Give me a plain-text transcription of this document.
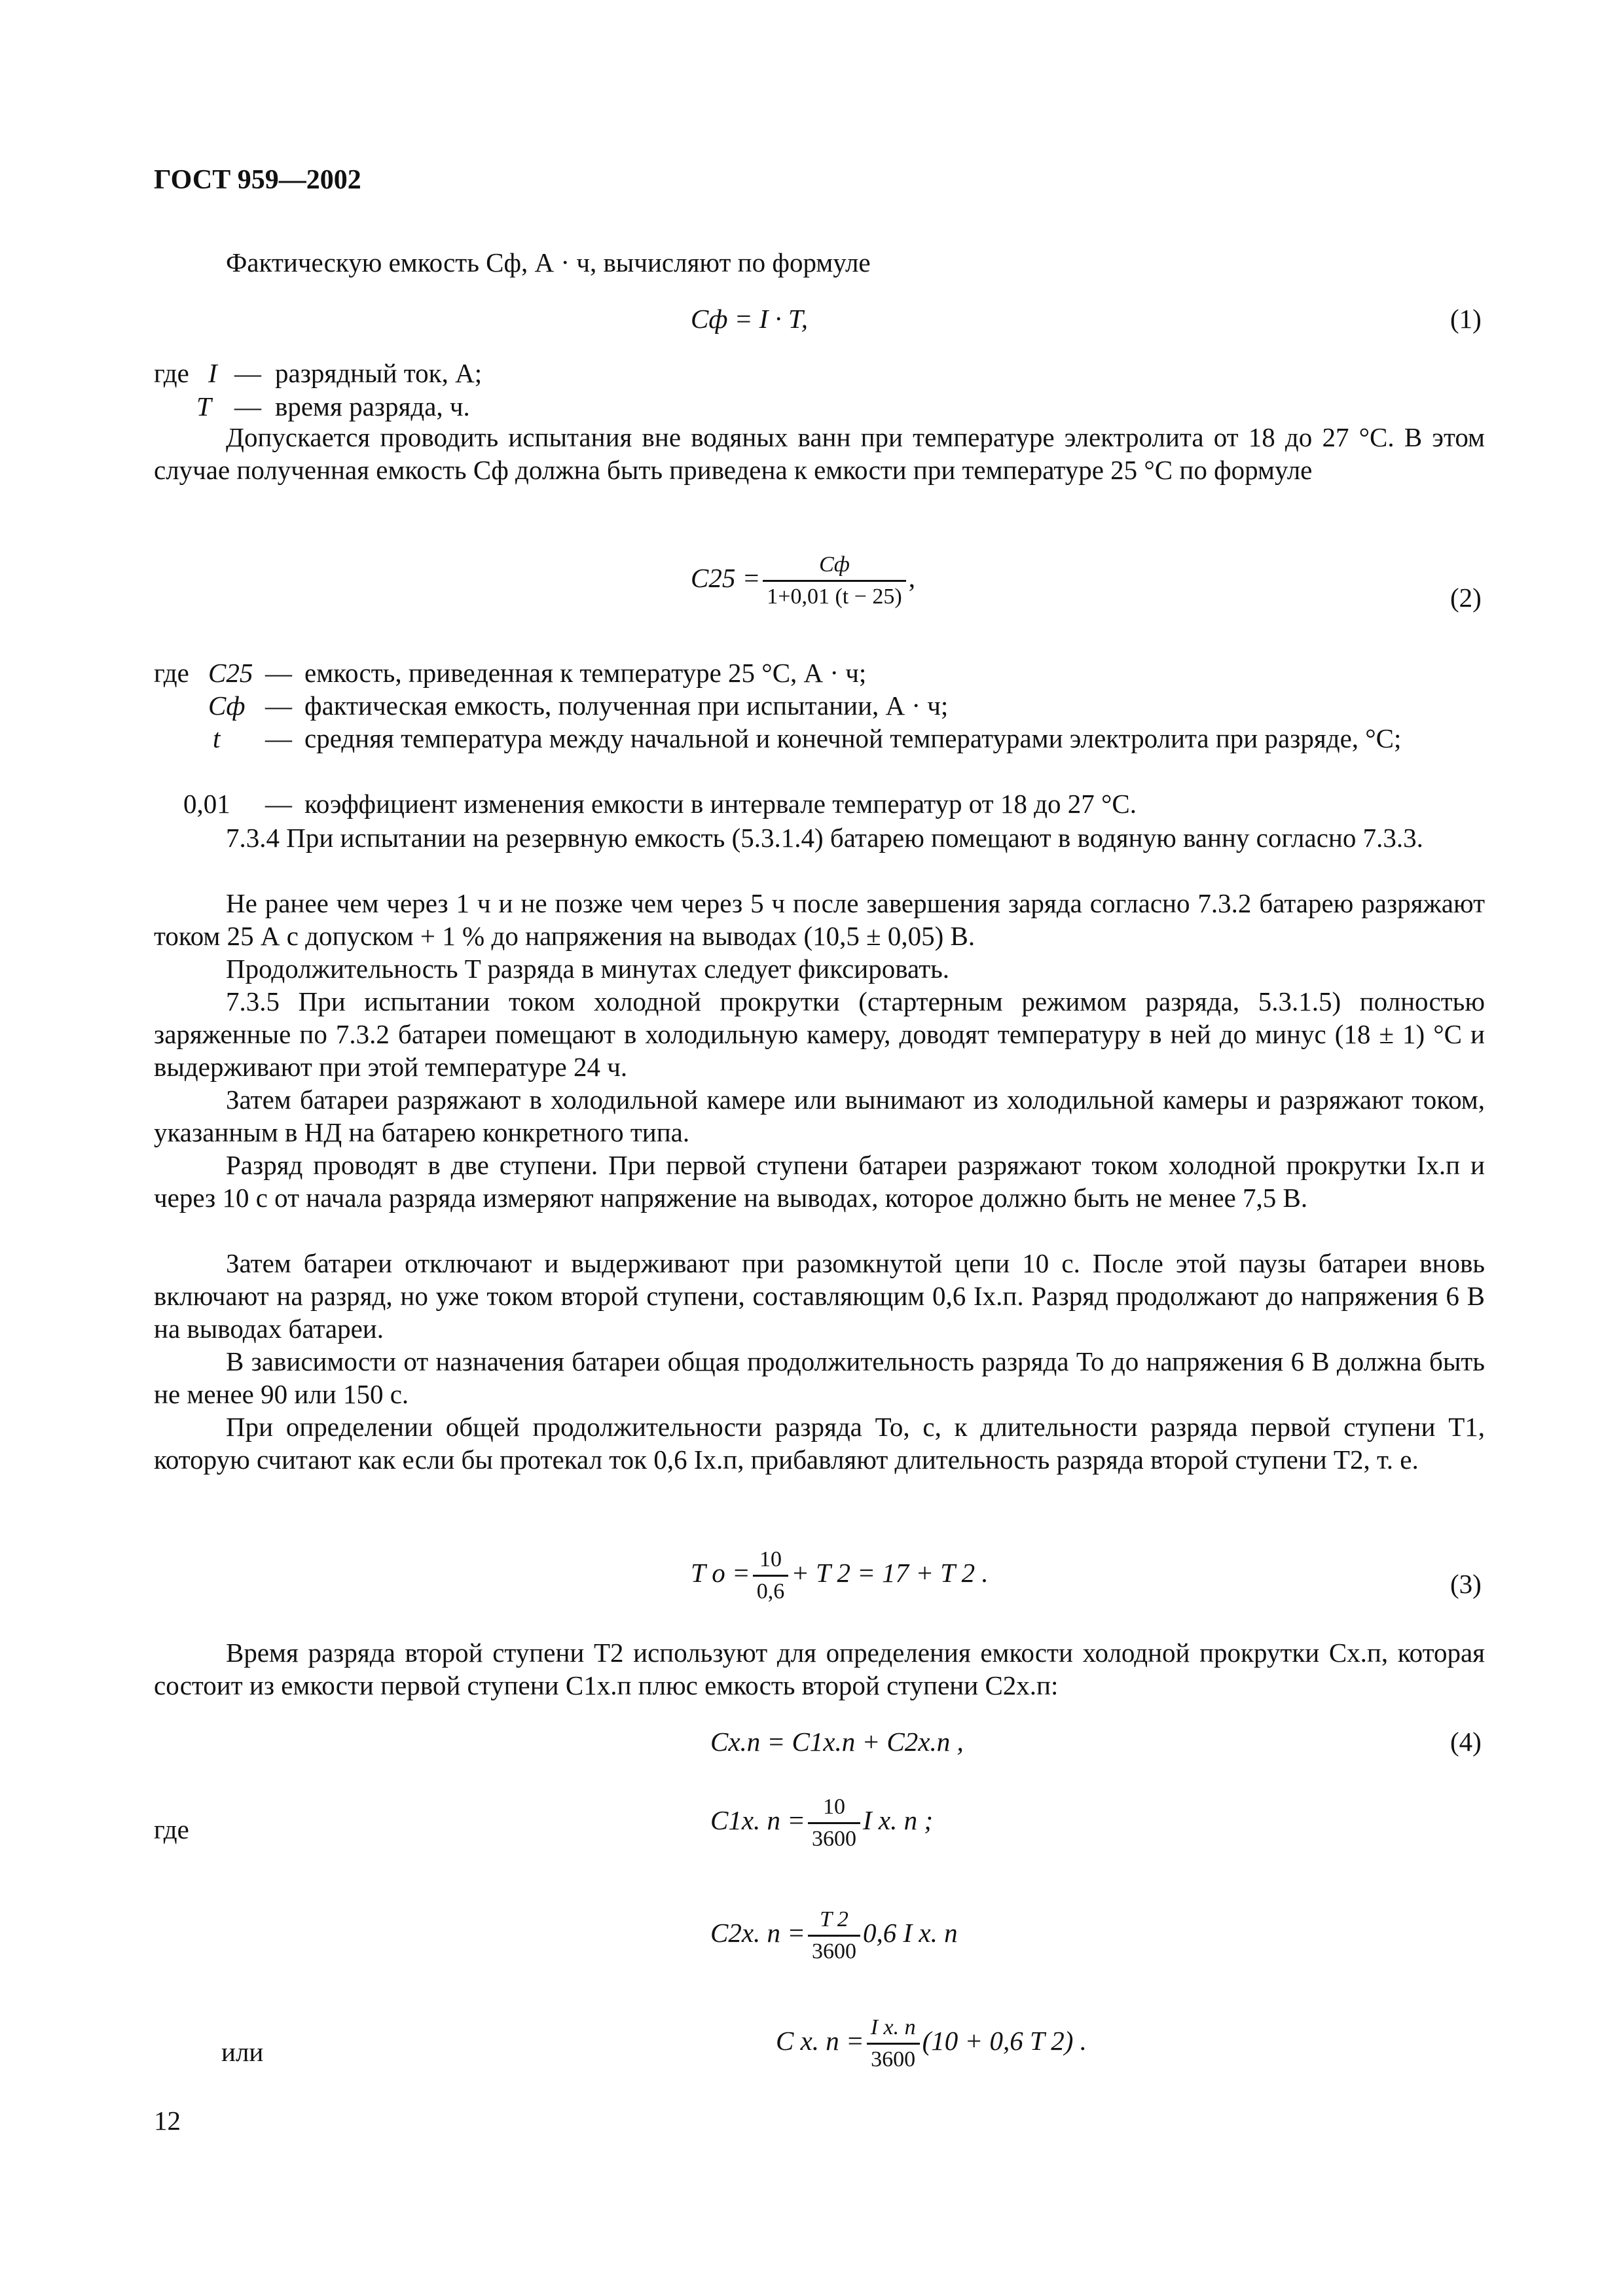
ГОСТ 959—2002
Фактическую емкость Cф, А · ч, вычисляют по формуле
Cф = I · T,	(1)
где I — разрядный ток, А;
T — время разряда, ч.
Допускается проводить испытания вне водяных ванн при температуре электролита от 18 до 27 °С. В этом случае полученная емкость Cф должна быть приведена к емкости при температуре 25 °С по формуле
$C25 = \frac{Cф}{1+0,01 (t - 25)}$ ,
(2)
где C25 — емкость, приведенная к температуре 25 °С, А · ч;
Cф — фактическая емкость, полученная при испытании, А · ч;
t — средняя температура между начальной и конечной температурами электролита при разряде, °С;
0,01 — коэффициент изменения емкости в интервале температур от 18 до 27 °С.
7.3.4 При испытании на резервную емкость (5.3.1.4) батарею помещают в водяную ванну согласно 7.3.3.
Не ранее чем через 1 ч и не позже чем через 5 ч после завершения заряда согласно 7.3.2 батарею разряжают током 25 А с допуском + 1 % до напряжения на выводах (10,5 ± 0,05) В.
Продолжительность T разряда в минутах следует фиксировать.
7.3.5 При испытании током холодной прокрутки (стартерным режимом разряда, 5.3.1.5) полностью заряженные по 7.3.2 батареи помещают в холодильную камеру, доводят температуру в ней до минус (18 ± 1) °С и выдерживают при этой температуре 24 ч.
Затем батареи разряжают в холодильной камере или вынимают из холодильной камеры и разряжают током, указанным в НД на батарею конкретного типа.
Разряд проводят в две ступени. При первой ступени батареи разряжают током холодной прокрутки Iх.п и через 10 с от начала разряда измеряют напряжение на выводах, которое должно быть не менее 7,5 В.
Затем батареи отключают и выдерживают при разомкнутой цепи 10 с. После этой паузы батареи вновь включают на разряд, но уже током второй ступени, составляющим 0,6 Iх.п. Разряд продолжают до напряжения 6 В на выводах батареи.
В зависимости от назначения батареи общая продолжительность разряда To до напряжения 6 В должна быть не менее 90 или 150 с.
При определении общей продолжительности разряда To, с, к длительности разряда первой ступени T1, которую считают как если бы протекал ток 0,6 Iх.п, прибавляют длительность разряда второй ступени T2, т. е.
T $o = \frac{10}{0,6} + T$ 2 = 17 + T 2 .	(3)
Время разряда второй ступени T2 используют для определения емкости холодной прокрутки Cх.п, которая состоит из емкости первой ступени C1х.п плюс емкость второй ступени C2х.п:
Cх.п = C1х.п + C2х.п ,	(4)
где	C1х. $п = \frac{10}{3600}$ I х. п ;
C2х. $п = \frac{T 2}{3600} 0,6$ I х. п
или	C х. $п = \frac{\text{I х. п}}{3600} (10 + 0,6$ T 2) .
12
